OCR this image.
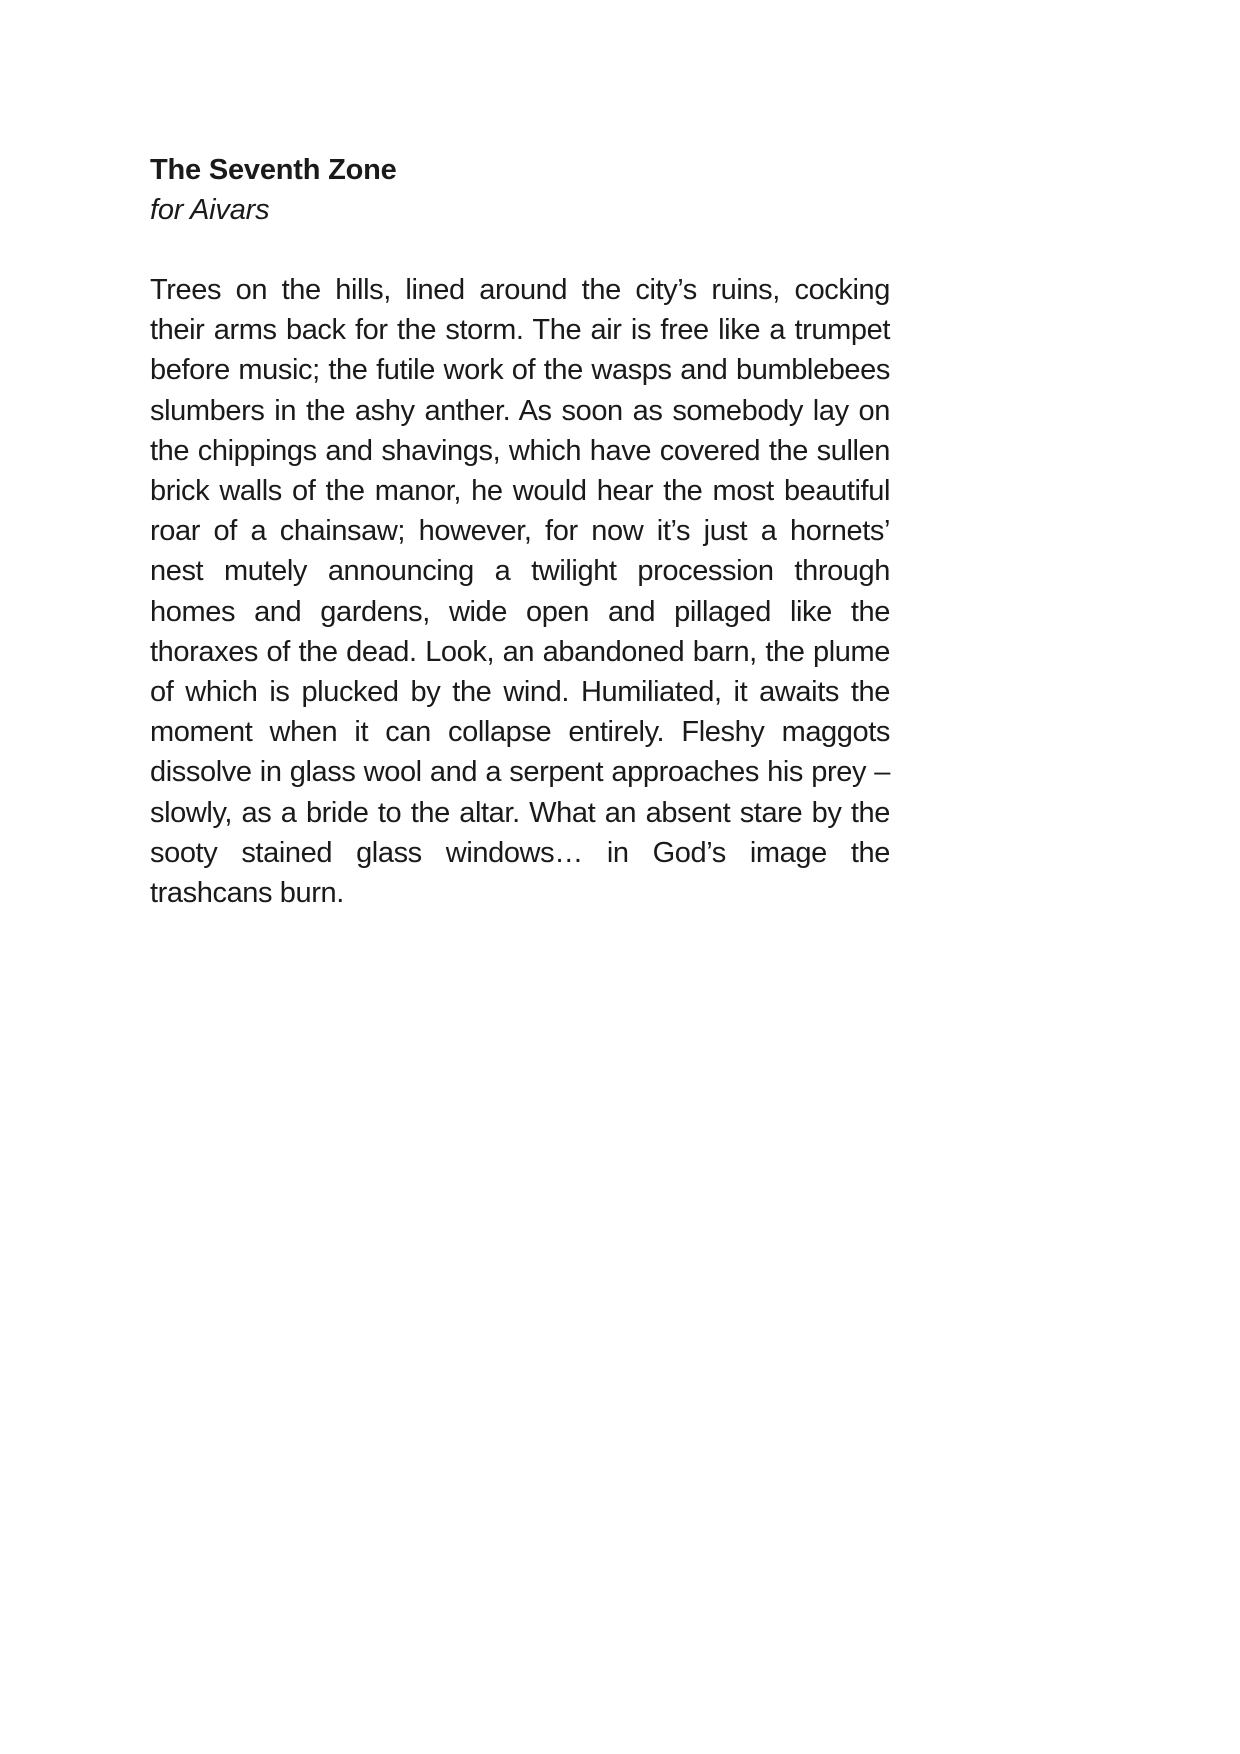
The Seventh Zone

for Aivars

Trees on the hills, lined around the city’s ruins, cocking their arms back for the storm. The air is free like a trumpet before music; the futile work of the wasps and bumblebees slumbers in the ashy anther. As soon as somebody lay on the chippings and shavings, which have covered the sullen brick walls of the manor, he would hear the most beautiful roar of a chainsaw; however, for now it’s just a hornets’ nest mutely announcing a twilight procession through homes and gardens, wide open and pillaged like the thoraxes of the dead. Look, an abandoned barn, the plume of which is plucked by the wind. Humiliated, it awaits the moment when it can collapse entirely. Fleshy maggots dissolve in glass wool and a serpent approaches his prey – slowly, as a bride to the altar. What an absent stare by the sooty stained glass windows… in God’s image the trashcans burn.
